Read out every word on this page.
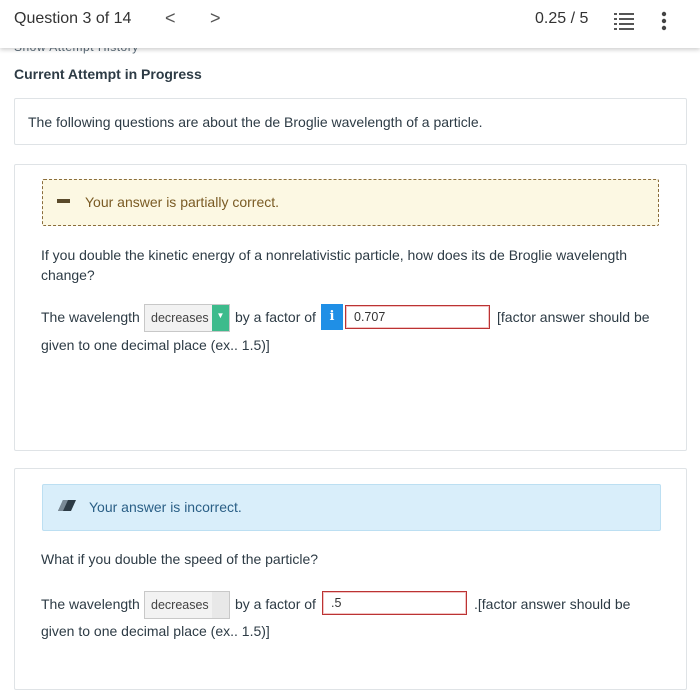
Question 3 of 14 < >	0.25 / 5
Current Attempt in Progress
The following questions are about the de Broglie wavelength of a particle.
Your answer is partially correct.
If you double the kinetic energy of a nonrelativistic particle, how does its de Broglie wavelength change?
The wavelength decreases ▼ by a factor of	i
0.707	[factor answer should be
given to one decimal place (ex.. 1.5)]
Your answer is incorrect.
What if you double the speed of the particle?
The wavelength decreases ▼ by a factor of
.5	.[factor answer should be
given to one decimal place (ex.. 1.5)]
